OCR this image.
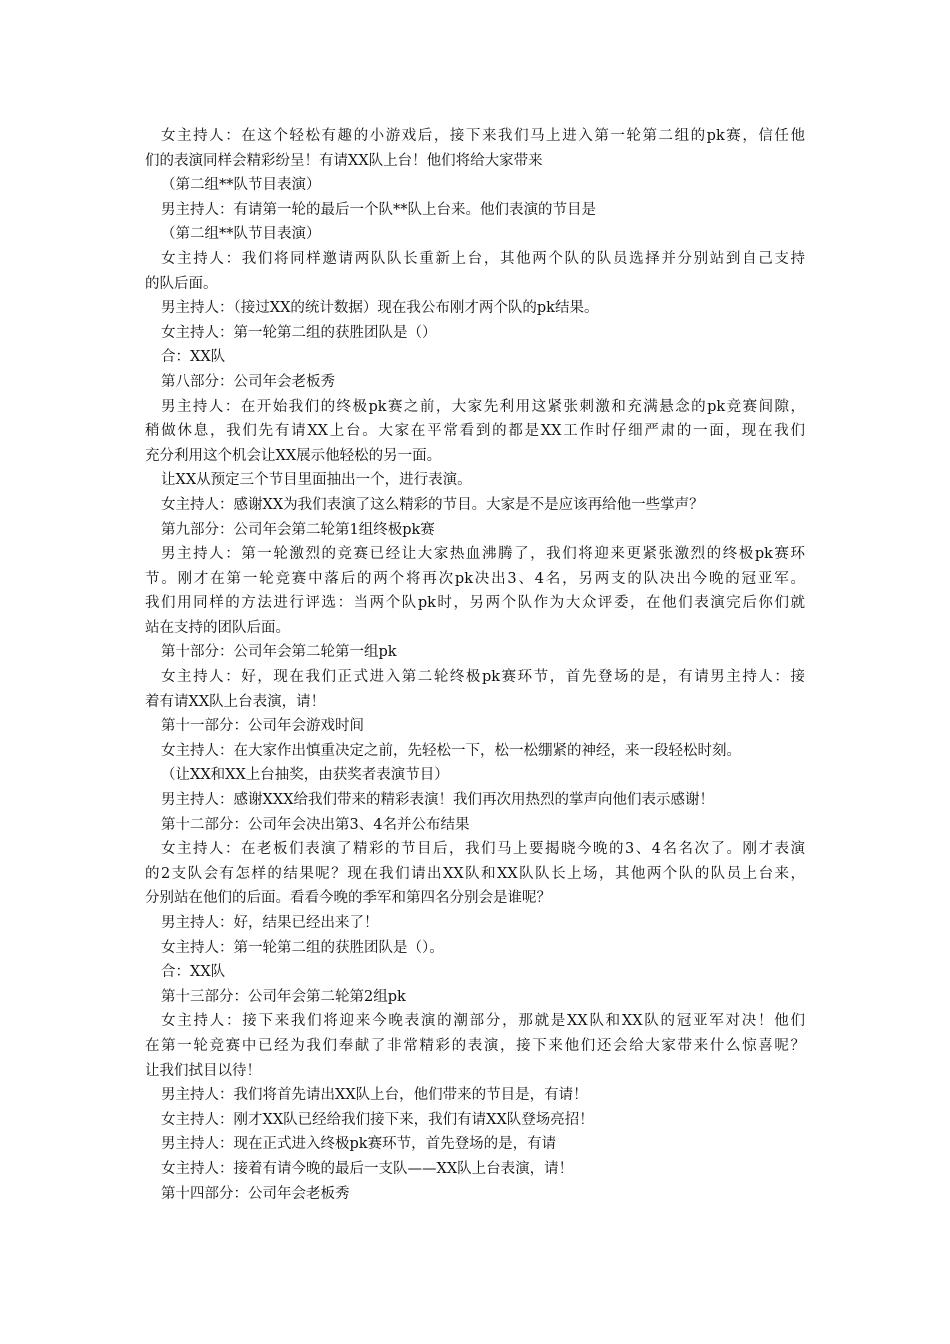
女主持人：在这个轻松有趣的小游戏后，接下来我们马上进入第一轮第二组的pk赛，信任他
们的表演同样会精彩纷呈！有请XX队上台！他们将给大家带来
（第二组**队节目表演）
男主持人：有请第一轮的最后一个队**队上台来。他们表演的节目是
（第二组**队节目表演）
女主持人：我们将同样邀请两队队长重新上台，其他两个队的队员选择并分别站到自己支持
的队后面。
男主持人：（接过XX的统计数据）现在我公布刚才两个队的pk结果。
女主持人：第一轮第二组的获胜团队是（）
合：XX队
第八部分：公司年会老板秀
男主持人：在开始我们的终极pk赛之前，大家先利用这紧张刺激和充满悬念的pk竞赛间隙，
稍做休息，我们先有请XX上台。大家在平常看到的都是XX工作时仔细严肃的一面，现在我们
充分利用这个机会让XX展示他轻松的另一面。
让XX从预定三个节目里面抽出一个，进行表演。
女主持人：感谢XX为我们表演了这么精彩的节目。大家是不是应该再给他一些掌声？
第九部分：公司年会第二轮第1组终极pk赛
男主持人：第一轮激烈的竞赛已经让大家热血沸腾了，我们将迎来更紧张激烈的终极pk赛环
节。刚才在第一轮竞赛中落后的两个将再次pk决出3、4名，另两支的队决出今晚的冠亚军。
我们用同样的方法进行评选：当两个队pk时，另两个队作为大众评委，在他们表演完后你们就
站在支持的团队后面。
第十部分：公司年会第二轮第一组pk
女主持人：好，现在我们正式进入第二轮终极pk赛环节，首先登场的是，有请男主持人：接
着有请XX队上台表演，请！
第十一部分：公司年会游戏时间
女主持人：在大家作出慎重决定之前，先轻松一下，松一松绷紧的神经，来一段轻松时刻。
（让XX和XX上台抽奖，由获奖者表演节目）
男主持人：感谢XXX给我们带来的精彩表演！我们再次用热烈的掌声向他们表示感谢！
第十二部分：公司年会决出第3、4名并公布结果
女主持人：在老板们表演了精彩的节目后，我们马上要揭晓今晚的3、4名名次了。刚才表演
的2支队会有怎样的结果呢？现在我们请出XX队和XX队队长上场，其他两个队的队员上台来，
分别站在他们的后面。看看今晚的季军和第四名分别会是谁呢？
男主持人：好，结果已经出来了！
女主持人：第一轮第二组的获胜团队是（）。
合：XX队
第十三部分：公司年会第二轮第2组pk
女主持人：接下来我们将迎来今晚表演的潮部分，那就是XX队和XX队的冠亚军对决！他们
在第一轮竞赛中已经为我们奉献了非常精彩的表演，接下来他们还会给大家带来什么惊喜呢？
让我们拭目以待！
男主持人：我们将首先请出XX队上台，他们带来的节目是，有请！
女主持人：刚才XX队已经给我们接下来，我们有请XX队登场亮招！
男主持人：现在正式进入终极pk赛环节，首先登场的是，有请
女主持人：接着有请今晚的最后一支队——XX队上台表演，请！
第十四部分：公司年会老板秀
